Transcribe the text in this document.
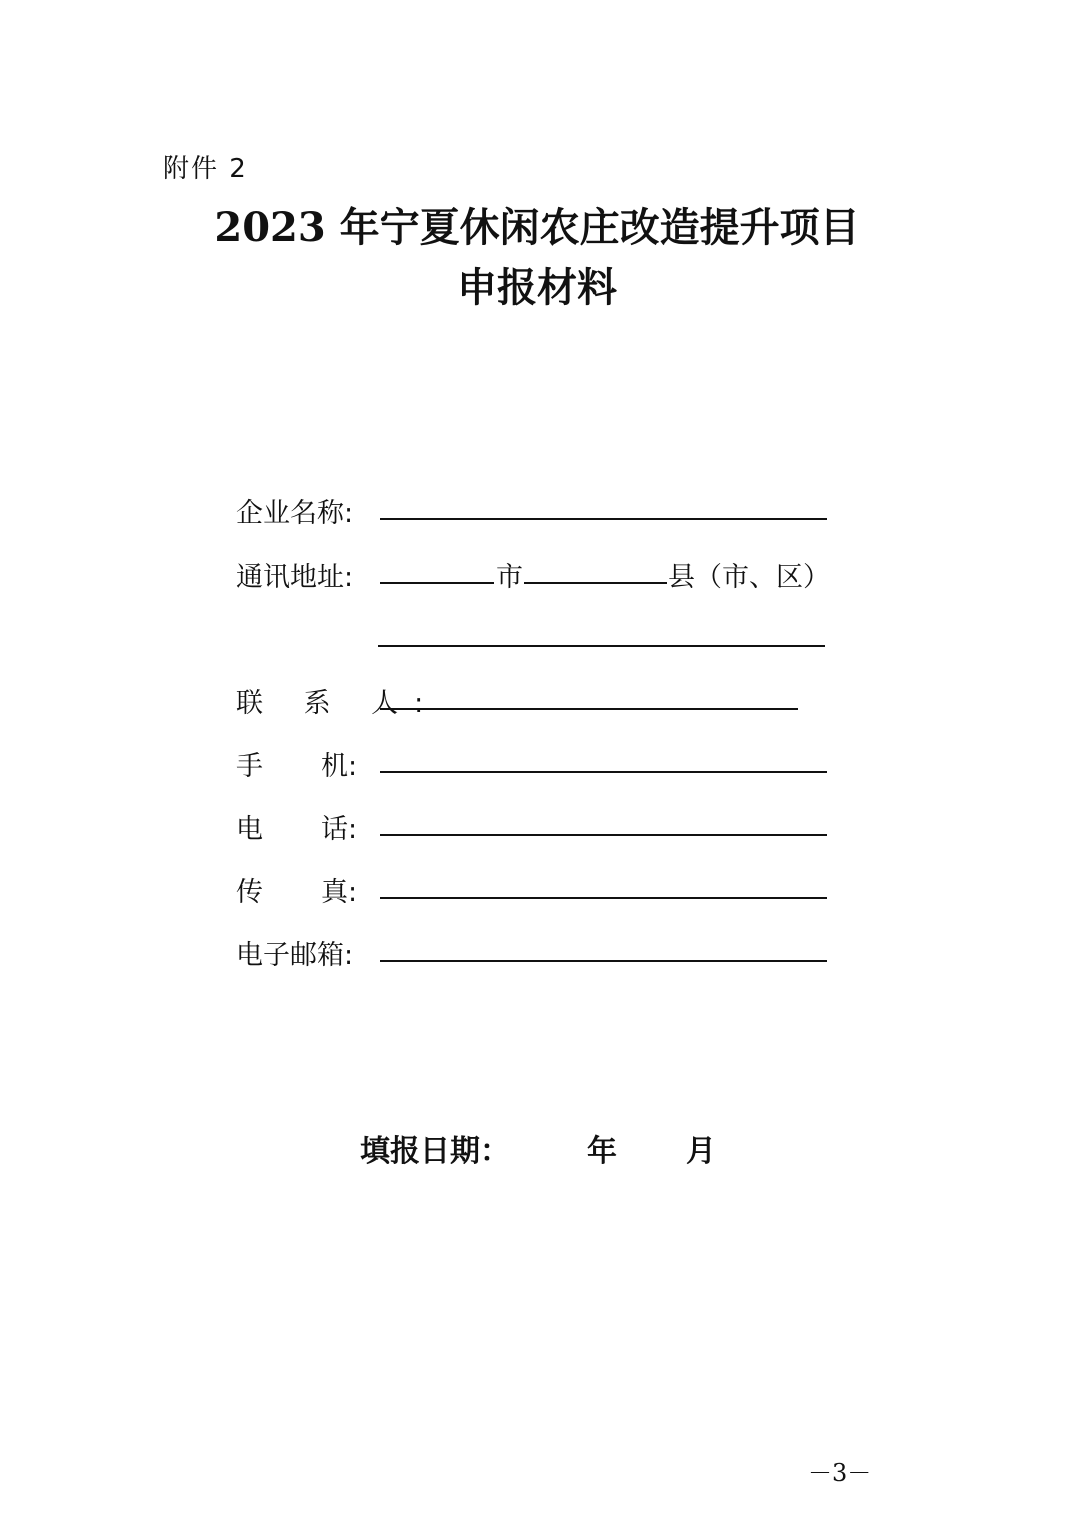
附件 2
2023 年宁夏休闲农庄改造提升项目
申报材料
企业名称:
通讯地址:	市	县（市、区）
联 系 人:
手 机:
电 话:
传 真:
电子邮箱:
填报日期：	年 月
－3－
